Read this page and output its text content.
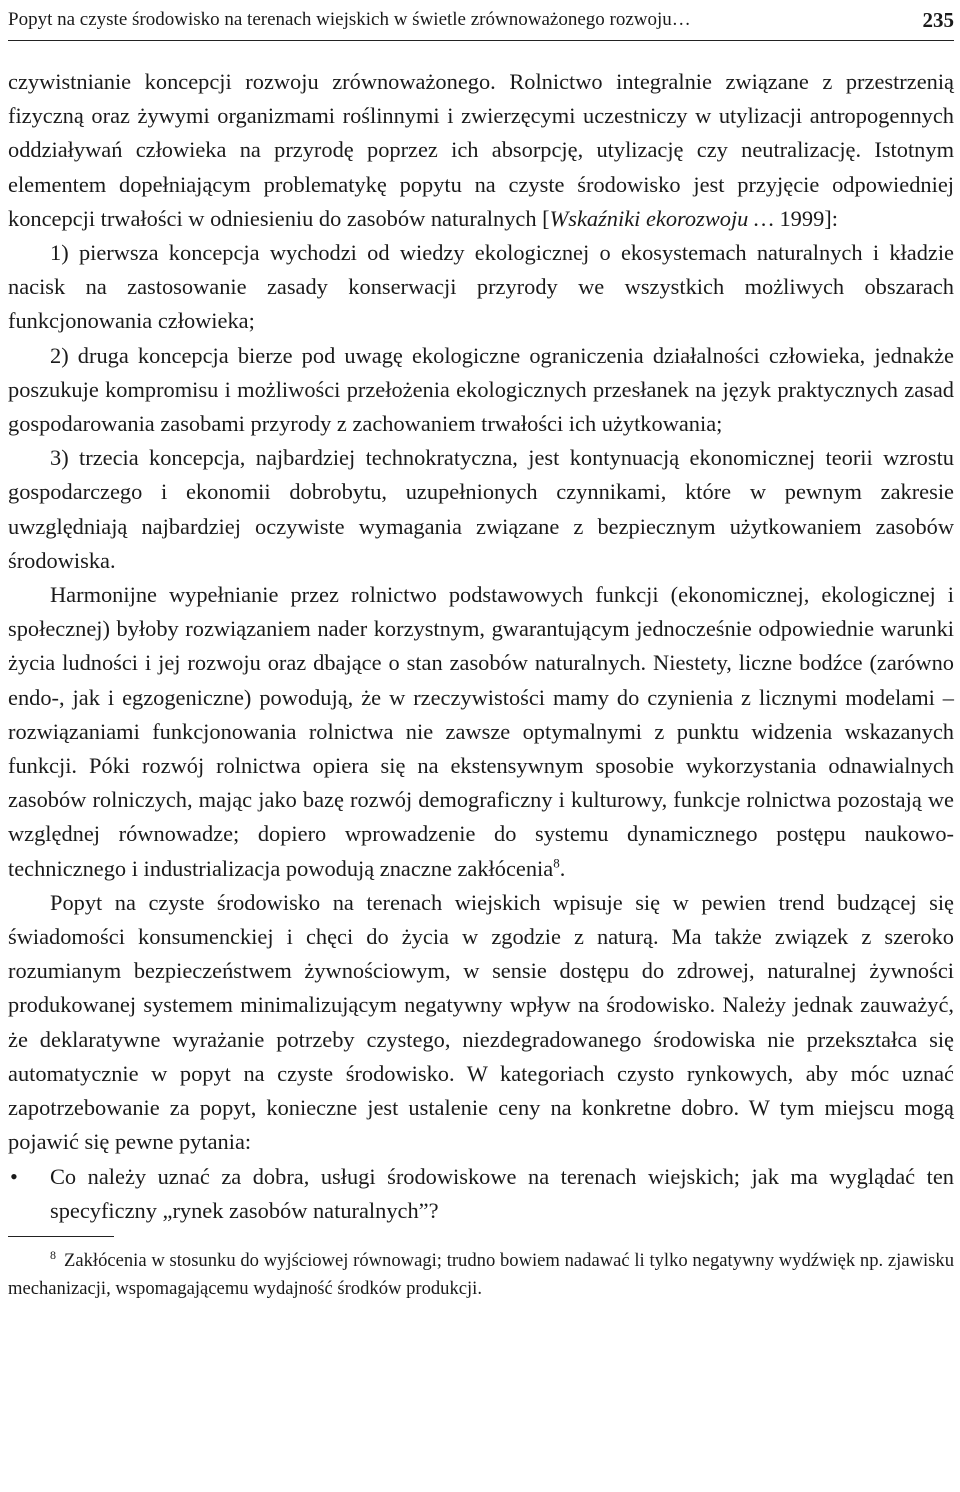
Popyt na czyste środowisko na terenach wiejskich w świetle zrównoważonego rozwoju…	235

czywistnianie koncepcji rozwoju zrównoważonego. Rolnictwo integralnie związane z przestrzenią fizyczną oraz żywymi organizmami roślinnymi i zwierzęcymi uczestniczy w utylizacji antropogennych oddziaływań człowieka na przyrodę poprzez ich absorpcję, utylizację czy neutralizację. Istotnym elementem dopełniającym problematykę popytu na czyste środowisko jest przyjęcie odpowiedniej koncepcji trwałości w odniesieniu do zasobów naturalnych [Wskaźniki ekorozwoju … 1999]:

1) pierwsza koncepcja wychodzi od wiedzy ekologicznej o ekosystemach naturalnych i kładzie nacisk na zastosowanie zasady konserwacji przyrody we wszystkich możliwych obszarach funkcjonowania człowieka;

2) druga koncepcja bierze pod uwagę ekologiczne ograniczenia działalności człowieka, jednakże poszukuje kompromisu i możliwości przełożenia ekologicznych przesłanek na język praktycznych zasad gospodarowania zasobami przyrody z zachowaniem trwałości ich użytkowania;

3) trzecia koncepcja, najbardziej technokratyczna, jest kontynuacją ekonomicznej teorii wzrostu gospodarczego i ekonomii dobrobytu, uzupełnionych czynnikami, które w pewnym zakresie uwzględniają najbardziej oczywiste wymagania związane z bezpiecznym użytkowaniem zasobów środowiska.

Harmonijne wypełnianie przez rolnictwo podstawowych funkcji (ekonomicznej, ekologicznej i społecznej) byłoby rozwiązaniem nader korzystnym, gwarantującym jednocześnie odpowiednie warunki życia ludności i jej rozwoju oraz dbające o stan zasobów naturalnych. Niestety, liczne bodźce (zarówno endo-, jak i egzogeniczne) powodują, że w rzeczywistości mamy do czynienia z licznymi modelami – rozwiązaniami funkcjonowania rolnictwa nie zawsze optymalnymi z punktu widzenia wskazanych funkcji. Póki rozwój rolnictwa opiera się na ekstensywnym sposobie wykorzystania odnawialnych zasobów rolniczych, mając jako bazę rozwój demograficzny i kulturowy, funkcje rolnictwa pozostają we względnej równowadze; dopiero wprowadzenie do systemu dynamicznego postępu naukowo-technicznego i industrializacja powodują znaczne zakłócenia$^8$.

Popyt na czyste środowisko na terenach wiejskich wpisuje się w pewien trend budzącej się świadomości konsumenckiej i chęci do życia w zgodzie z naturą. Ma także związek z szeroko rozumianym bezpieczeństwem żywnościowym, w sensie dostępu do zdrowej, naturalnej żywności produkowanej systemem minimalizującym negatywny wpływ na środowisko. Należy jednak zauważyć, że deklaratywne wyrażanie potrzeby czystego, niezdegradowanego środowiska nie przekształca się automatycznie w popyt na czyste środowisko. W kategoriach czysto rynkowych, aby móc uznać zapotrzebowanie za popyt, konieczne jest ustalenie ceny na konkretne dobro. W tym miejscu mogą pojawić się pewne pytania:

• Co należy uznać za dobra, usługi środowiskowe na terenach wiejskich; jak ma wyglądać ten specyficzny „rynek zasobów naturalnych”?
$^8$ Zakłócenia w stosunku do wyjściowej równowagi; trudno bowiem nadawać li tylko negatywny wydźwięk np. zjawisku mechanizacji, wspomagającemu wydajność środków produkcji.
